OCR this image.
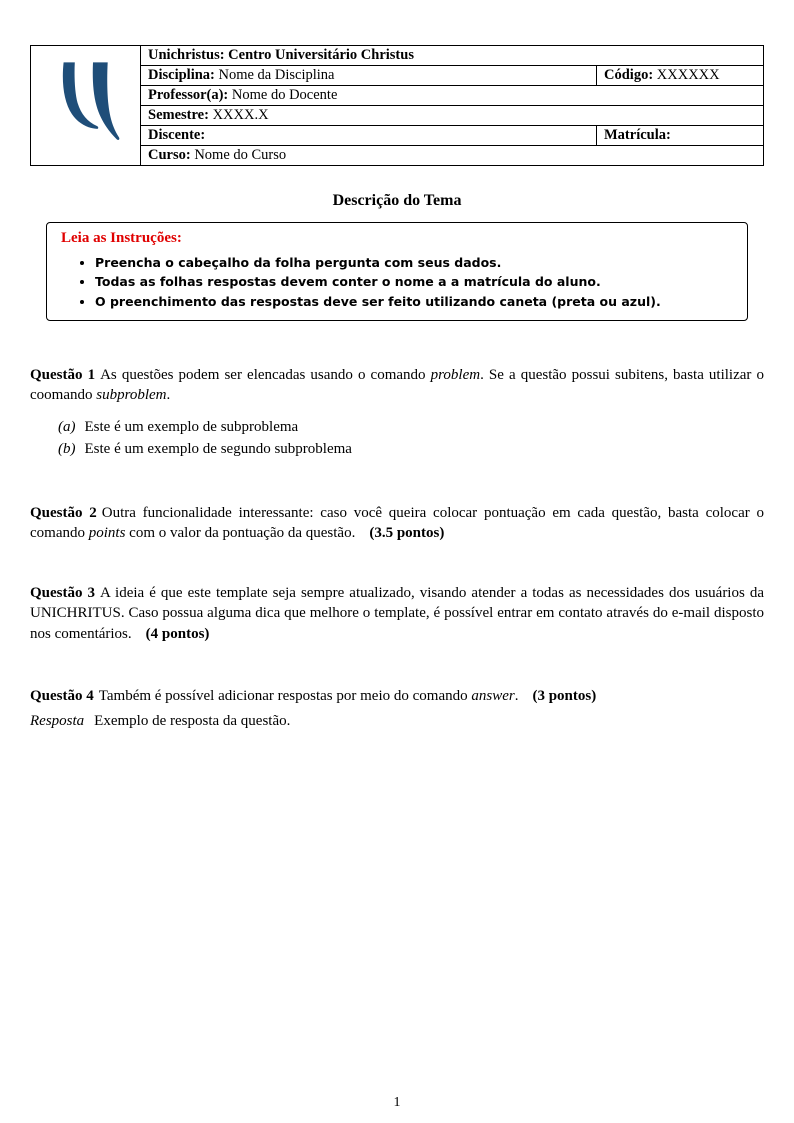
	Unichristus: Centro Universitário Christus	
	Disciplina: Nome da Disciplina	Código: XXXXXX
	Professor(a): Nome do Docente	
	Semestre: XXXX.X	
	Discente:	Matrícula:
	Curso: Nome do Curso	
Descrição do Tema
Leia as Instruções:
• Preencha o cabeçalho da folha pergunta com seus dados.
• Todas as folhas respostas devem conter o nome a a matrícula do aluno.
• O preenchimento das respostas deve ser feito utilizando caneta (preta ou azul).

Questão 1 As questões podem ser elencadas usando o comando problem. Se a questão possui subitens, basta utilizar o coomando subproblem.

(a) Este é um exemplo de subproblema
(b) Este é um exemplo de segundo subproblema

Questão 2 Outra funcionalidade interessante: caso você queira colocar pontuação em cada questão, basta colocar o comando points com o valor da pontuação da questão. (3.5 pontos)

Questão 3 A ideia é que este template seja sempre atualizado, visando atender a todas as necessidades dos usuários da UNICHRITUS. Caso possua alguma dica que melhore o template, é possível entrar em contato através do e-mail disposto nos comentários. (4 pontos)

Questão 4 Também é possível adicionar respostas por meio do comando answer. (3 pontos)

Resposta Exemplo de resposta da questão.

1
